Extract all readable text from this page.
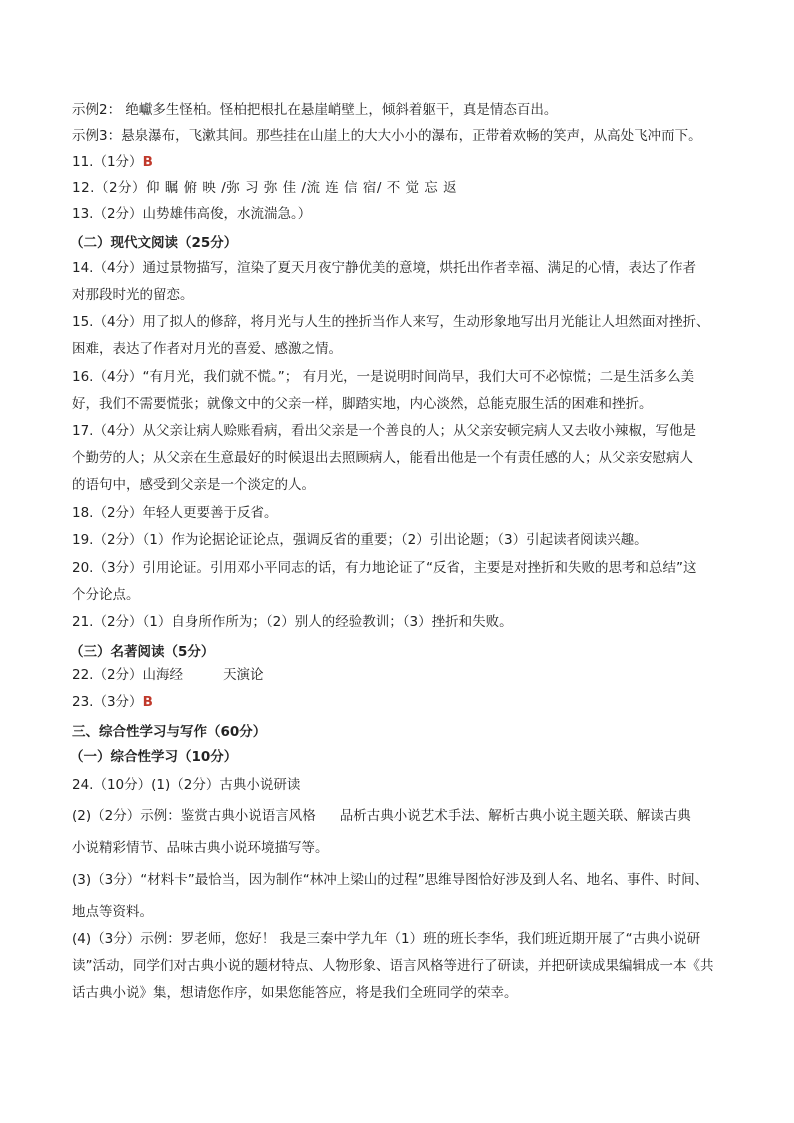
示例2： 绝巘多生怪柏。怪柏把根扎在悬崖峭壁上，倾斜着躯干，真是情态百出。
示例3：悬泉瀑布，飞漱其间。那些挂在山崖上的大大小小的瀑布，正带着欢畅的笑声，从高处飞冲而下。
11.（1分）B
12.（2分）仰 瞩 俯 映 /弥 习 弥 佳 /流 连 信 宿/ 不 觉 忘 返
13.（2分）山势雄伟高俊，水流湍急。）
（二）现代文阅读（25分）
14.（4分）通过景物描写，渲染了夏天月夜宁静优美的意境，烘托出作者幸福、满足的心情，表达了作者
对那段时光的留恋。
15.（4分）用了拟人的修辞，将月光与人生的挫折当作人来写，生动形象地写出月光能让人坦然面对挫折、
困难，表达了作者对月光的喜爱、感激之情。
16.（4分）“有月光，我们就不慌。”； 有月光，一是说明时间尚早，我们大可不必惊慌；二是生活多么美
好，我们不需要慌张；就像文中的父亲一样，脚踏实地，内心淡然，总能克服生活的困难和挫折。
17.（4分）从父亲让病人赊账看病，看出父亲是一个善良的人；从父亲安顿完病人又去收小辣椒，写他是
个勤劳的人；从父亲在生意最好的时候退出去照顾病人，能看出他是一个有责任感的人；从父亲安慰病人
的语句中，感受到父亲是一个淡定的人。
18.（2分）年轻人更要善于反省。
19.（2分）（1）作为论据论证论点，强调反省的重要；（2）引出论题；（3）引起读者阅读兴趣。
20.（3分）引用论证。引用邓小平同志的话，有力地论证了“反省，主要是对挫折和失败的思考和总结”这
个分论点。
21.（2分）（1）自身所作所为；（2）别人的经验教训；（3）挫折和失败。
（三）名著阅读（5分）
22.（2分）山海经	天演论
23.（3分）B
三、综合性学习与写作（60分）
（一）综合性学习（10分）
24.（10分）(1)（2分）古典小说研读
(2)（2分）示例：鉴赏古典小说语言风格 品析古典小说艺术手法、解析古典小说主题关联、解读古典
小说精彩情节、品味古典小说环境描写等。
(3)（3分）“材料卡”最恰当，因为制作“林冲上梁山的过程”思维导图恰好涉及到人名、地名、事件、时间、
地点等资料。
(4)（3分）示例：罗老师，您好！ 我是三秦中学九年（1）班的班长李华，我们班近期开展了“古典小说研
读”活动，同学们对古典小说的题材特点、人物形象、语言风格等进行了研读，并把研读成果编辑成一本《共
话古典小说》集，想请您作序，如果您能答应，将是我们全班同学的荣幸。
